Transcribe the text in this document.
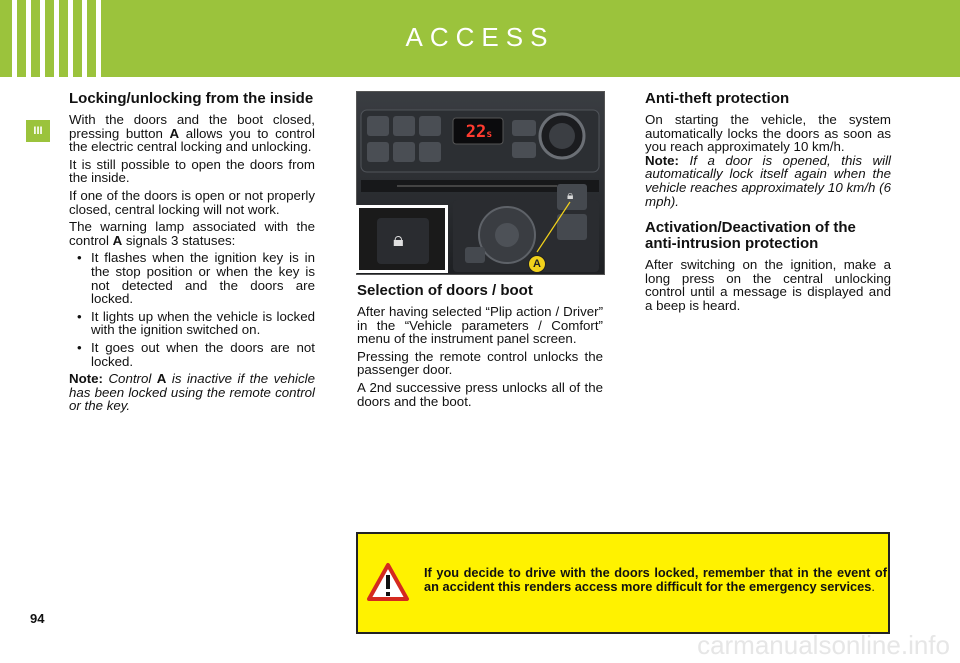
ACCESS
III
Locking/unlocking from the inside

With the doors and the boot closed, pressing button A allows you to control the electric central locking and unlocking.

It is still possible to open the doors from the inside.

If one of the doors is open or not properly closed, central locking will not work.

The warning lamp associated with the control A signals 3 statuses:

• It flashes when the ignition key is in the stop position or when the key is not detected and the doors are locked.
• It lights up when the vehicle is locked with the ignition switched on.
• It goes out when the doors are not locked.

Note: Control A is inactive if the vehicle has been locked using the remote control or the key.

22s
🔒︎
A
🔒︎
Selection of doors / boot

After having selected “Plip action / Driver” in the “Vehicle parameters / Comfort” menu of the instrument panel screen.

Pressing the remote control unlocks the passenger door.

A 2nd successive press unlocks all of the doors and the boot.

Anti-theft protection

On starting the vehicle, the system automatically locks the doors as soon as you reach approximately 10 km/h.

Note: If a door is opened, this will automatically lock itself again when the vehicle reaches approximately 10 km/h (6 mph).

Activation/Deactivation of the anti-intrusion protection

After switching on the ignition, make a long press on the central unlocking control until a message is displayed and a beep is heard.

If you decide to drive with the doors locked, remember that in the event of an accident this renders access more difficult for the emergency services.
94
carmanualsonline.info
